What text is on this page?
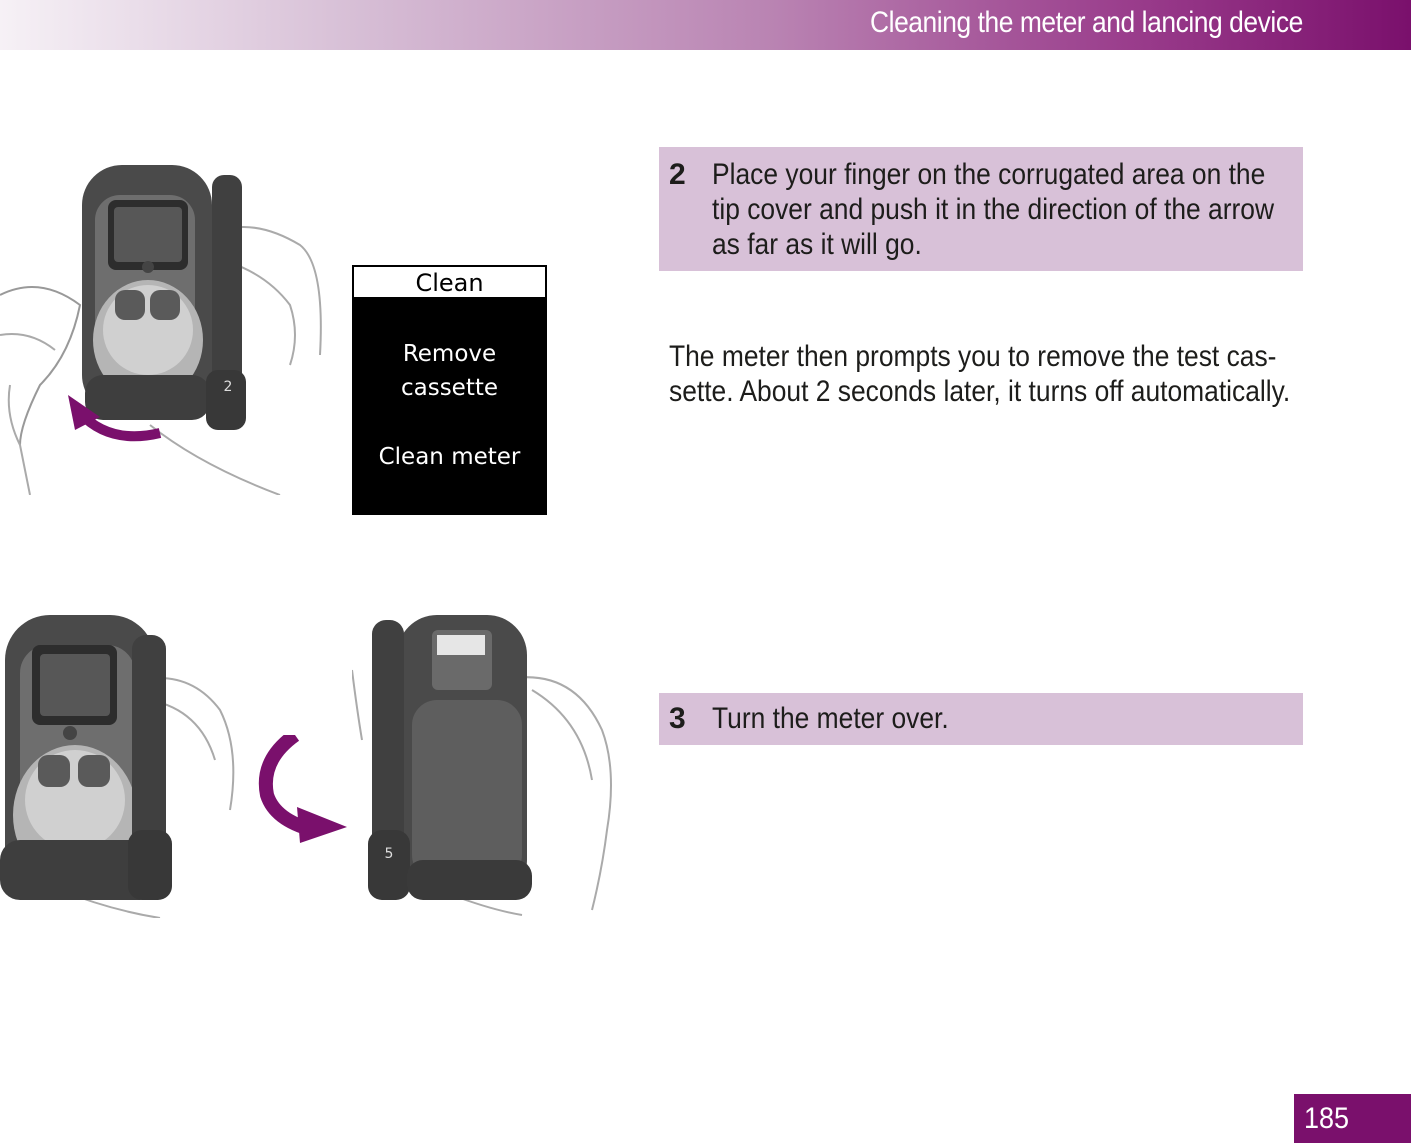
Cleaning the meter and lancing device
2
Clean
Remove
cassette
Clean meter
2 Place your finger on the corrugated area on the tip cover and push it in the direction of the arrow as far as it will go.
The meter then prompts you to remove the test cas-sette. About 2 seconds later, it turns off automatically.
5
3 Turn the meter over.
185
